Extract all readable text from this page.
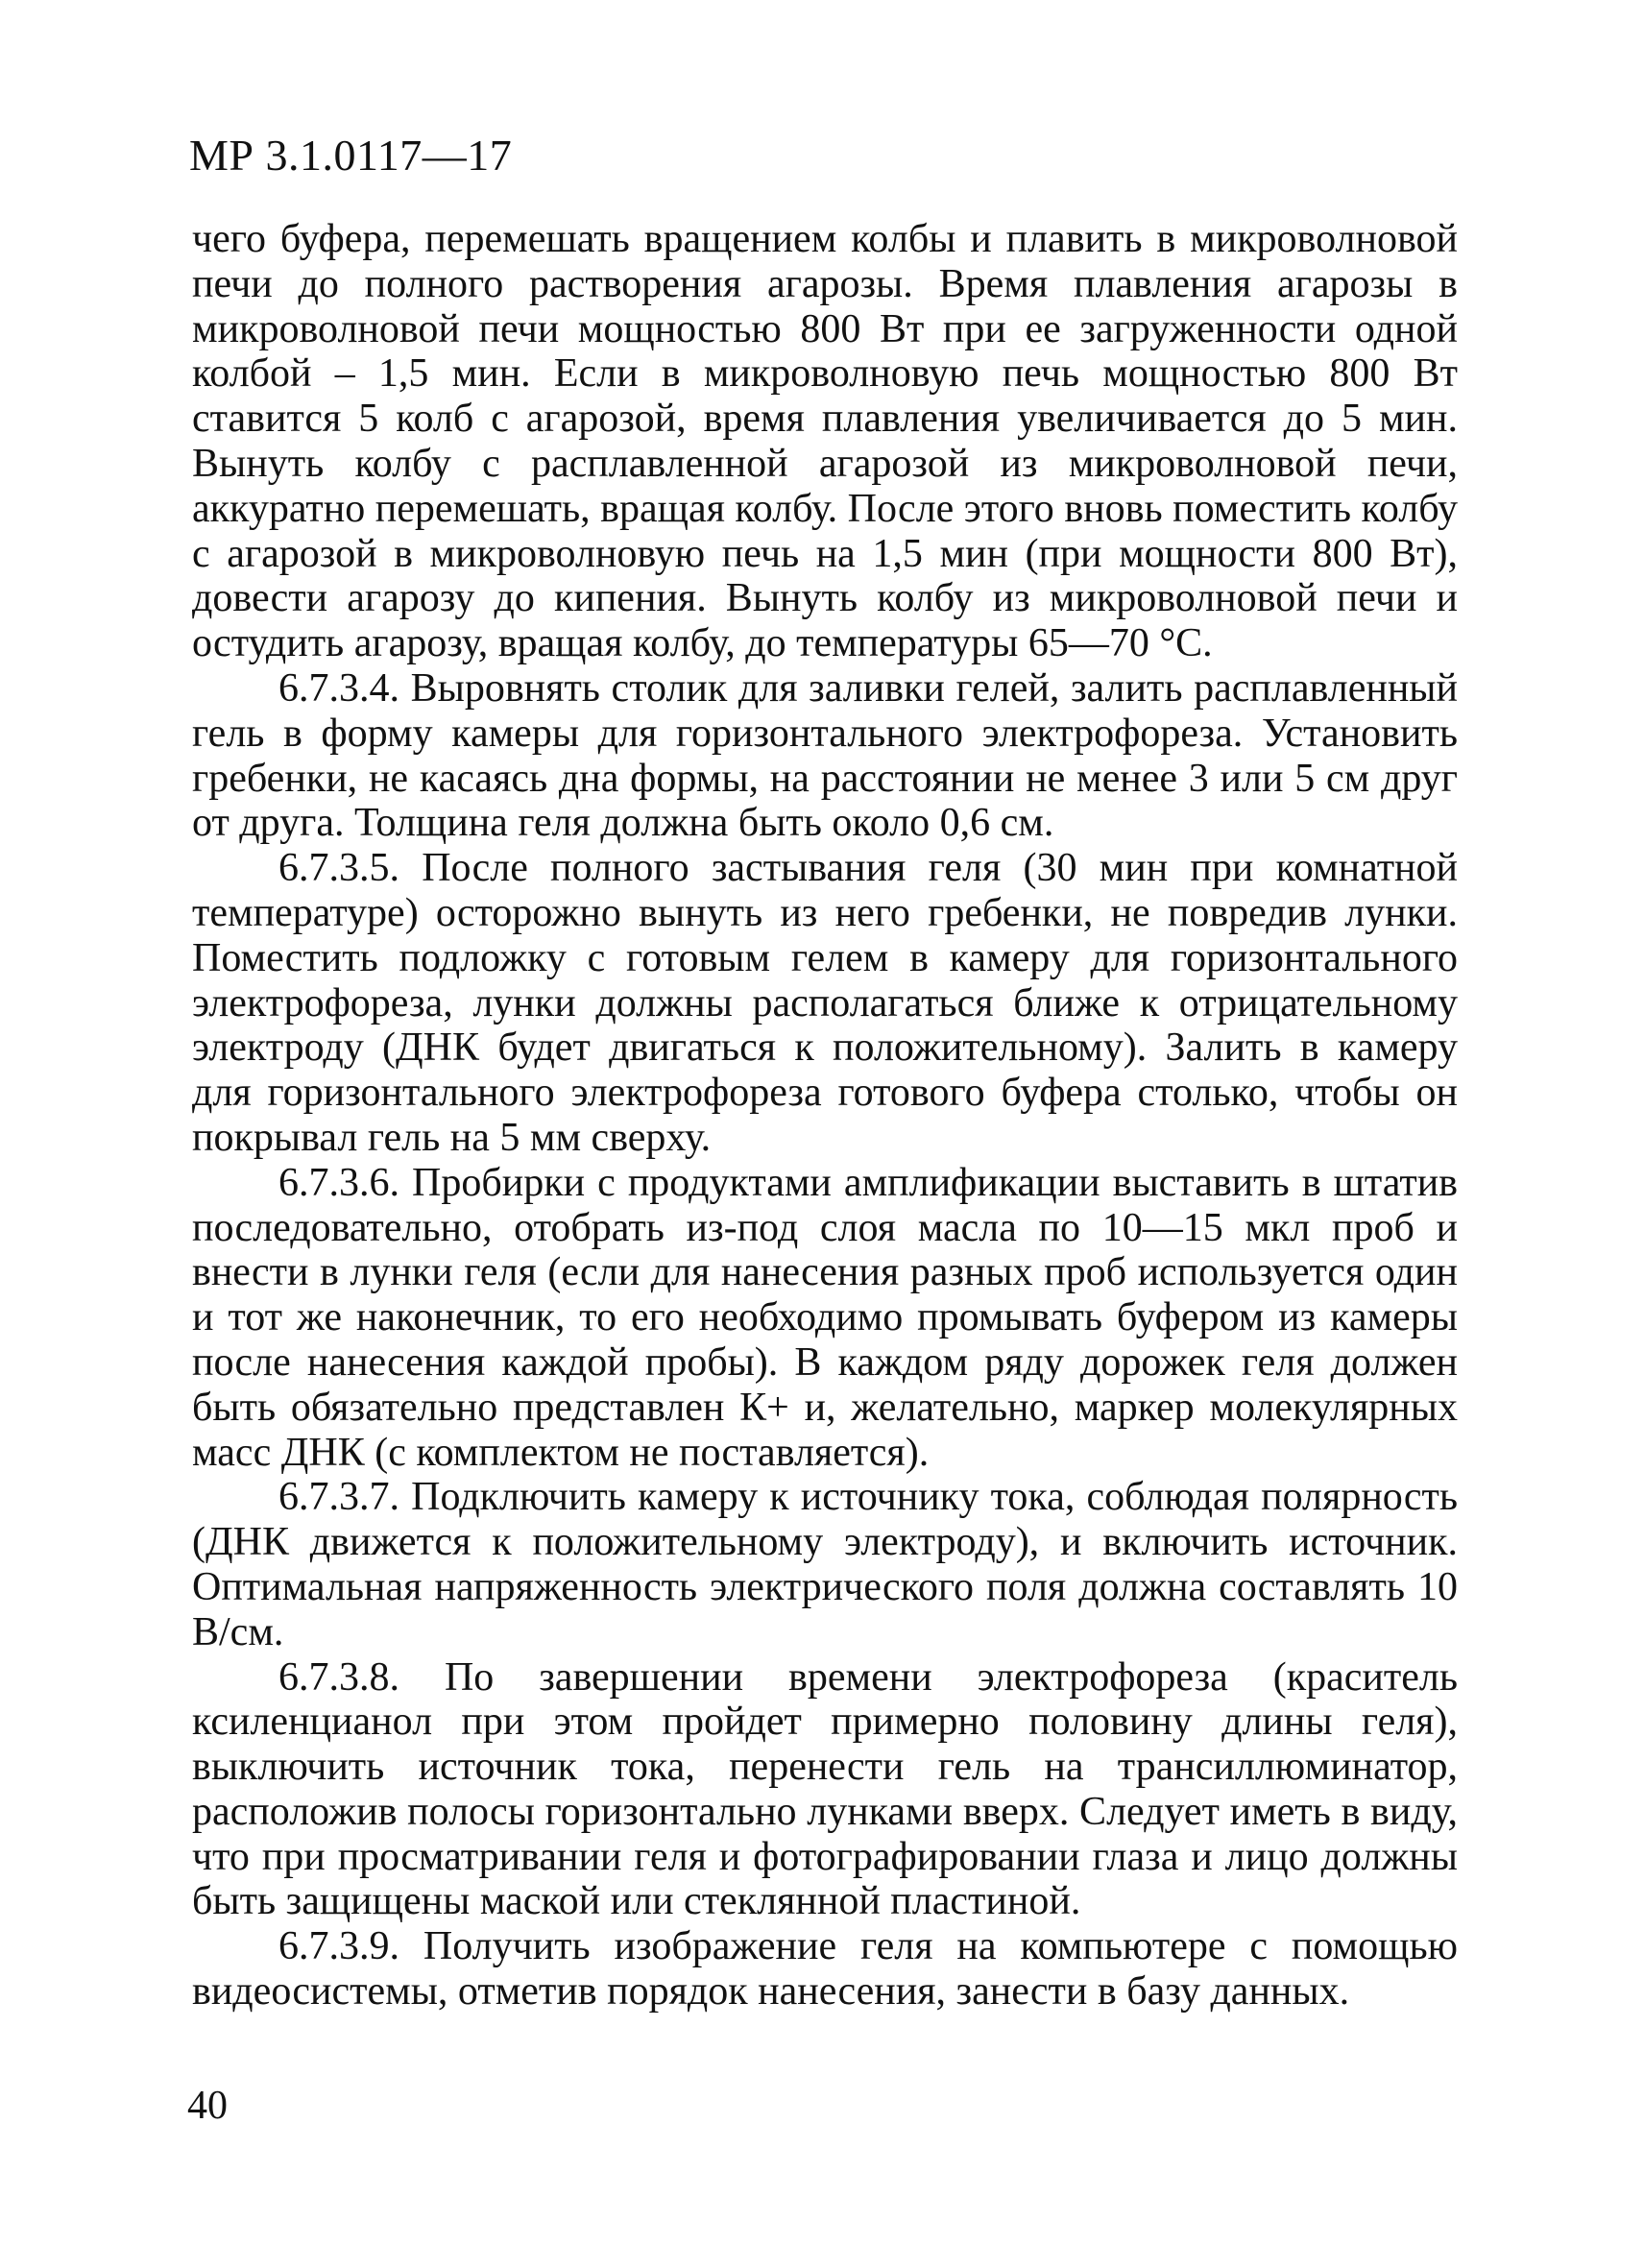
МР 3.1.0117—17

чего буфера, перемешать вращением колбы и плавить в микроволновой печи до полного растворения агарозы. Время плавления агарозы в микроволновой печи мощностью 800 Вт при ее загруженности одной колбой – 1,5 мин. Если в микроволновую печь мощностью 800 Вт ставится 5 колб с агарозой, время плавления увеличивается до 5 мин. Вынуть колбу с расплавленной агарозой из микроволновой печи, аккуратно перемешать, вращая колбу. После этого вновь поместить колбу с агарозой в микроволновую печь на 1,5 мин (при мощности 800 Вт), довести агарозу до кипения. Вынуть колбу из микроволновой печи и остудить агарозу, вращая колбу, до температуры 65—70 °С.

6.7.3.4. Выровнять столик для заливки гелей, залить расплавленный гель в форму камеры для горизонтального электрофореза. Установить гребенки, не касаясь дна формы, на расстоянии не менее 3 или 5 см друг от друга. Толщина геля должна быть около 0,6 см.

6.7.3.5. После полного застывания геля (30 мин при комнатной температуре) осторожно вынуть из него гребенки, не повредив лунки. Поместить подложку с готовым гелем в камеру для горизонтального электрофореза, лунки должны располагаться ближе к отрицательному электроду (ДНК будет двигаться к положительному). Залить в камеру для горизонтального электрофореза готового буфера столько, чтобы он покрывал гель на 5 мм сверху.

6.7.3.6. Пробирки с продуктами амплификации выставить в штатив последовательно, отобрать из-под слоя масла по 10—15 мкл проб и внести в лунки геля (если для нанесения разных проб используется один и тот же наконечник, то его необходимо промывать буфером из камеры после нанесения каждой пробы). В каждом ряду дорожек геля должен быть обязательно представлен К+ и, желательно, маркер молекулярных масс ДНК (с комплектом не поставляется).

6.7.3.7. Подключить камеру к источнику тока, соблюдая полярность (ДНК движется к положительному электроду), и включить источник. Оптимальная напряженность электрического поля должна составлять 10 В/см.

6.7.3.8. По завершении времени электрофореза (краситель ксиленцианол при этом пройдет примерно половину длины геля), выключить источник тока, перенести гель на трансиллюминатор, расположив полосы горизонтально лунками вверх. Следует иметь в виду, что при просматривании геля и фотографировании глаза и лицо должны быть защищены маской или стеклянной пластиной.

6.7.3.9. Получить изображение геля на компьютере с помощью видеосистемы, отметив порядок нанесения, занести в базу данных.

40
